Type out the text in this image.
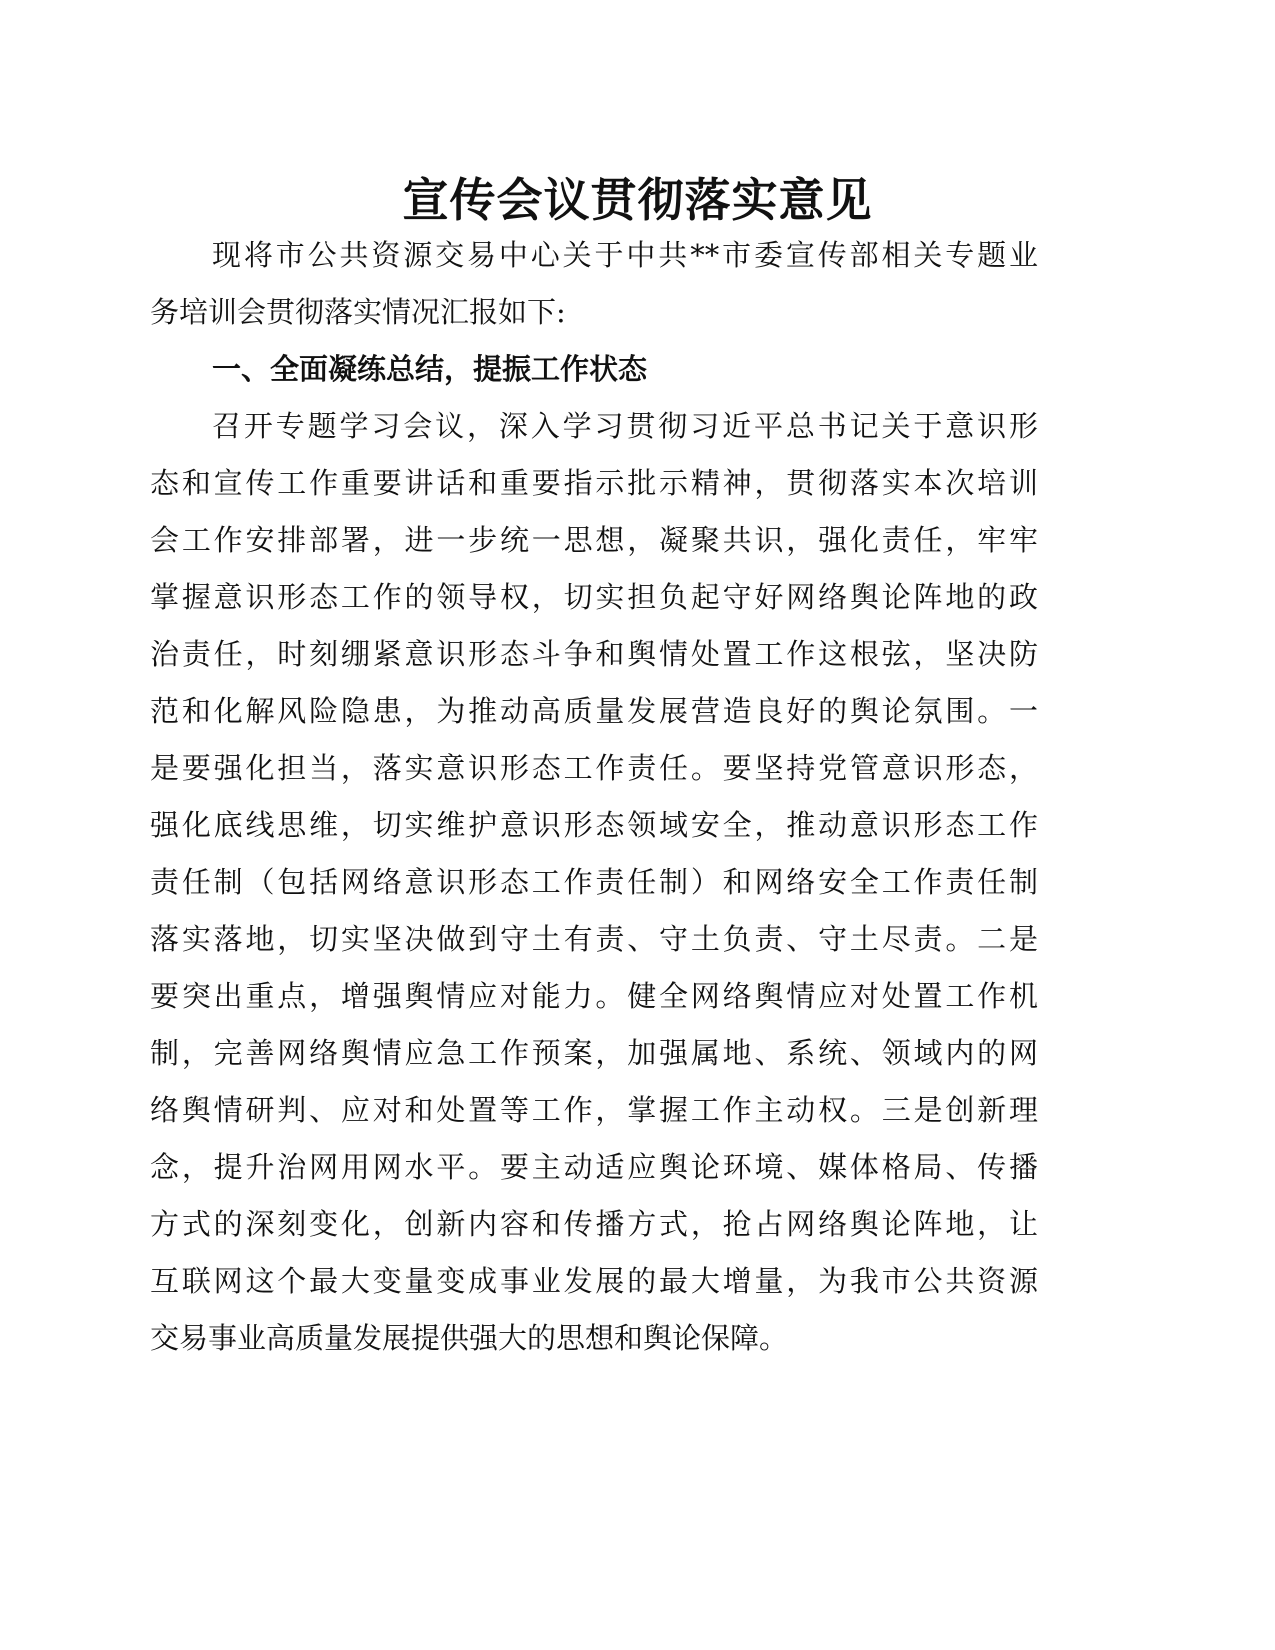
宣传会议贯彻落实意见
现将市公共资源交易中心关于中共**市委宣传部相关专题业
务培训会贯彻落实情况汇报如下:
一、全面凝练总结，提振工作状态
召开专题学习会议，深入学习贯彻习近平总书记关于意识形
态和宣传工作重要讲话和重要指示批示精神，贯彻落实本次培训
会工作安排部署，进一步统一思想，凝聚共识，强化责任，牢牢
掌握意识形态工作的领导权，切实担负起守好网络舆论阵地的政
治责任，时刻绷紧意识形态斗争和舆情处置工作这根弦，坚决防
范和化解风险隐患，为推动高质量发展营造良好的舆论氛围。一
是要强化担当，落实意识形态工作责任。要坚持党管意识形态，
强化底线思维，切实维护意识形态领域安全，推动意识形态工作
责任制（包括网络意识形态工作责任制）和网络安全工作责任制
落实落地，切实坚决做到守土有责、守土负责、守土尽责。二是
要突出重点，增强舆情应对能力。健全网络舆情应对处置工作机
制，完善网络舆情应急工作预案，加强属地、系统、领域内的网
络舆情研判、应对和处置等工作，掌握工作主动权。三是创新理
念，提升治网用网水平。要主动适应舆论环境、媒体格局、传播
方式的深刻变化，创新内容和传播方式，抢占网络舆论阵地，让
互联网这个最大变量变成事业发展的最大增量，为我市公共资源
交易事业高质量发展提供强大的思想和舆论保障。
